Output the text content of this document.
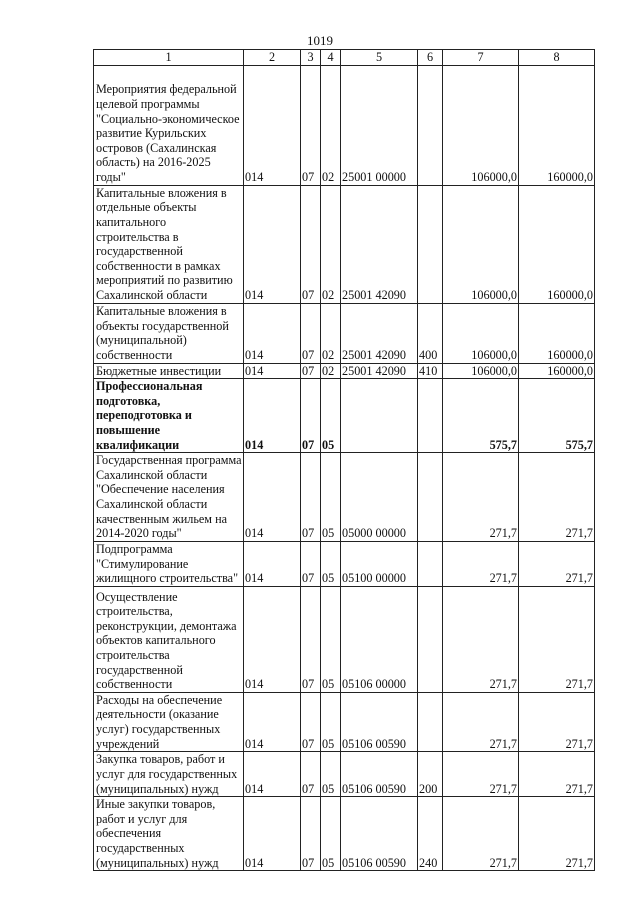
1019
1	2	3	4	5	6	7	8
Мероприятия федеральной целевой программы "Социально-экономическое развитие Курильских островов (Сахалинская область) на 2016-2025 годы"	014	07	02	25001 00000		106000,0	160000,0
Капитальные вложения в отдельные объекты капитального строительства в государственной собственности в рамках мероприятий по развитию Сахалинской области	014	07	02	25001 42090		106000,0	160000,0
Капитальные вложения в объекты государственной (муниципальной) собственности	014	07	02	25001 42090	400	106000,0	160000,0
Бюджетные инвестиции	014	07	02	25001 42090	410	106000,0	160000,0
Профессиональная подготовка, переподготовка и повышение квалификации	014	07	05			575,7	575,7
Государственная программа Сахалинской области "Обеспечение населения Сахалинской области качественным жильем на 2014-2020 годы"	014	07	05	05000 00000		271,7	271,7
Подпрограмма "Стимулирование жилищного строительства"	014	07	05	05100 00000		271,7	271,7
Осуществление строительства, реконструкции, демонтажа объектов капитального строительства государственной собственности	014	07	05	05106 00000		271,7	271,7
Расходы на обеспечение деятельности (оказание услуг) государственных учреждений	014	07	05	05106 00590		271,7	271,7
Закупка товаров, работ и услуг для государственных (муниципальных) нужд	014	07	05	05106 00590	200	271,7	271,7
Иные закупки товаров, работ и услуг для обеспечения государственных (муниципальных) нужд	014	07	05	05106 00590	240	271,7	271,7
